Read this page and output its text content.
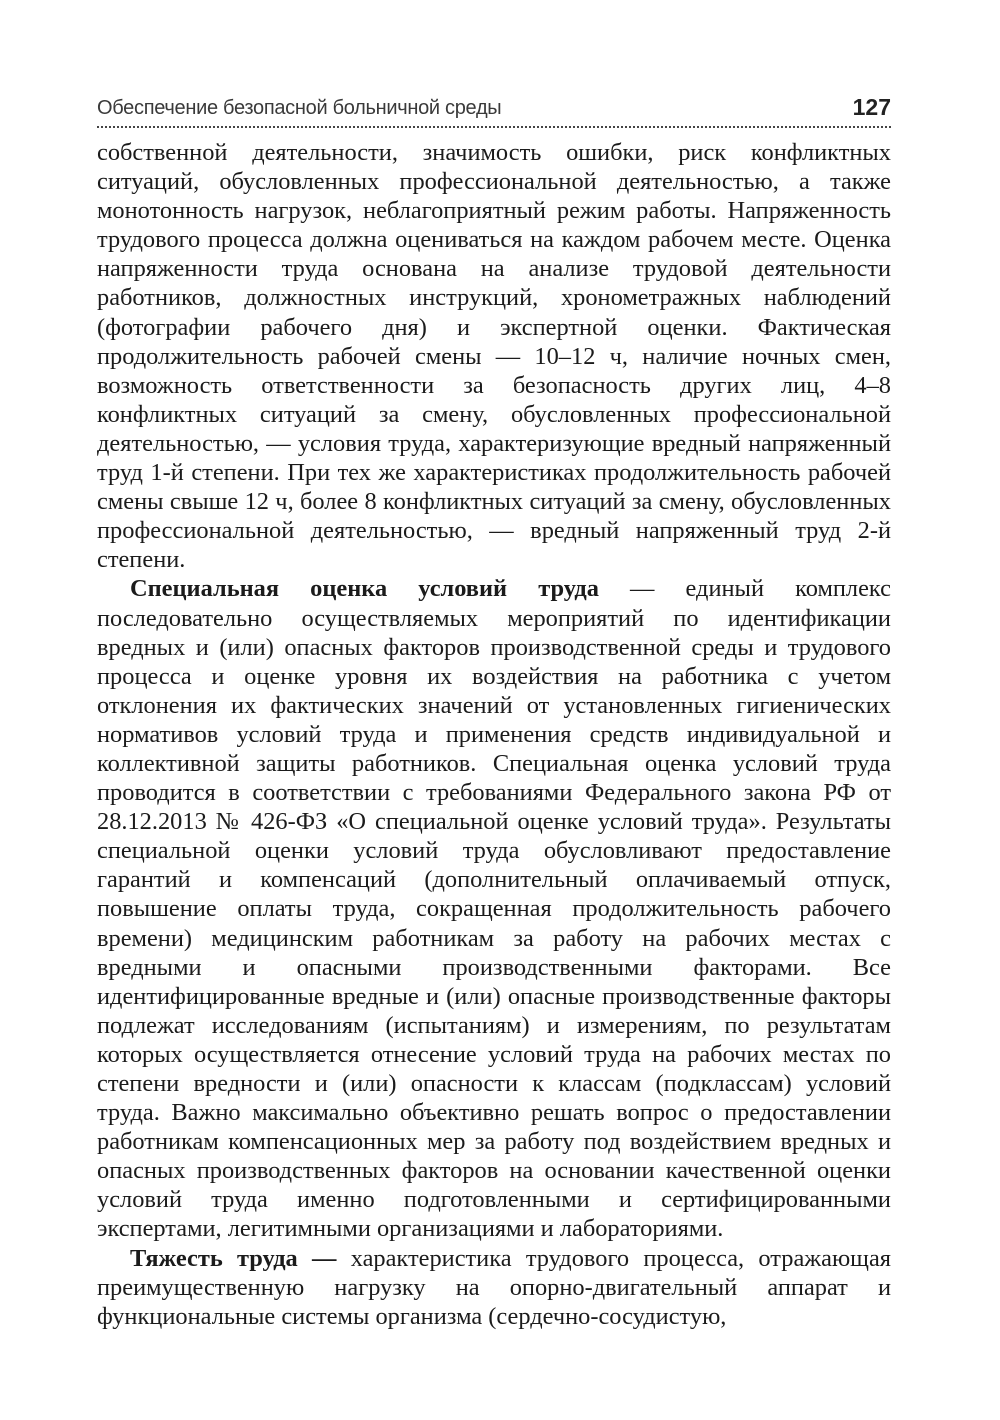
Обеспечение безопасной больничной среды	127

собственной деятельности, значимость ошибки, риск конфликтных ситуаций, обусловленных профессиональной деятельностью, а также монотонность нагрузок, неблагоприятный режим работы. Напряженность трудового процесса должна оцениваться на каждом рабочем месте. Оценка напряженности труда основана на анализе трудовой деятельности работников, должностных инструкций, хронометражных наблюдений (фотографии рабочего дня) и экспертной оценки. Фактическая продолжительность рабочей смены — 10–12 ч, наличие ночных смен, возможность ответственности за безопасность других лиц, 4–8 конфликтных ситуаций за смену, обусловленных профессиональной деятельностью, — условия труда, характеризующие вредный напряженный труд 1-й степени. При тех же характеристиках продолжительность рабочей смены свыше 12 ч, более 8 конфликтных ситуаций за смену, обусловленных профессиональной деятельностью, — вредный напряженный труд 2-й степени.

Специальная оценка условий труда — единый комплекс последовательно осуществляемых мероприятий по идентификации вредных и (или) опасных факторов производственной среды и трудового процесса и оценке уровня их воздействия на работника с учетом отклонения их фактических значений от установленных гигиенических нормативов условий труда и применения средств индивидуальной и коллективной защиты работников. Специальная оценка условий труда проводится в соответствии с требованиями Федерального закона РФ от 28.12.2013 № 426-ФЗ «О специальной оценке условий труда». Результаты специальной оценки условий труда обусловливают предоставление гарантий и компенсаций (дополнительный оплачиваемый отпуск, повышение оплаты труда, сокращенная продолжительность рабочего времени) медицинским работникам за работу на рабочих местах с вредными и опасными производственными факторами. Все идентифицированные вредные и (или) опасные производственные факторы подлежат исследованиям (испытаниям) и измерениям, по результатам которых осуществляется отнесение условий труда на рабочих местах по степени вредности и (или) опасности к классам (подклассам) условий труда. Важно максимально объективно решать вопрос о предоставлении работникам компенсационных мер за работу под воздействием вредных и опасных производственных факторов на основании качественной оценки условий труда именно подготовленными и сертифицированными экспертами, легитимными организациями и лабораториями.

Тяжесть труда — характеристика трудового процесса, отражающая преимущественную нагрузку на опорно-двигательный аппарат и функциональные системы организма (сердечно-сосудистую,
